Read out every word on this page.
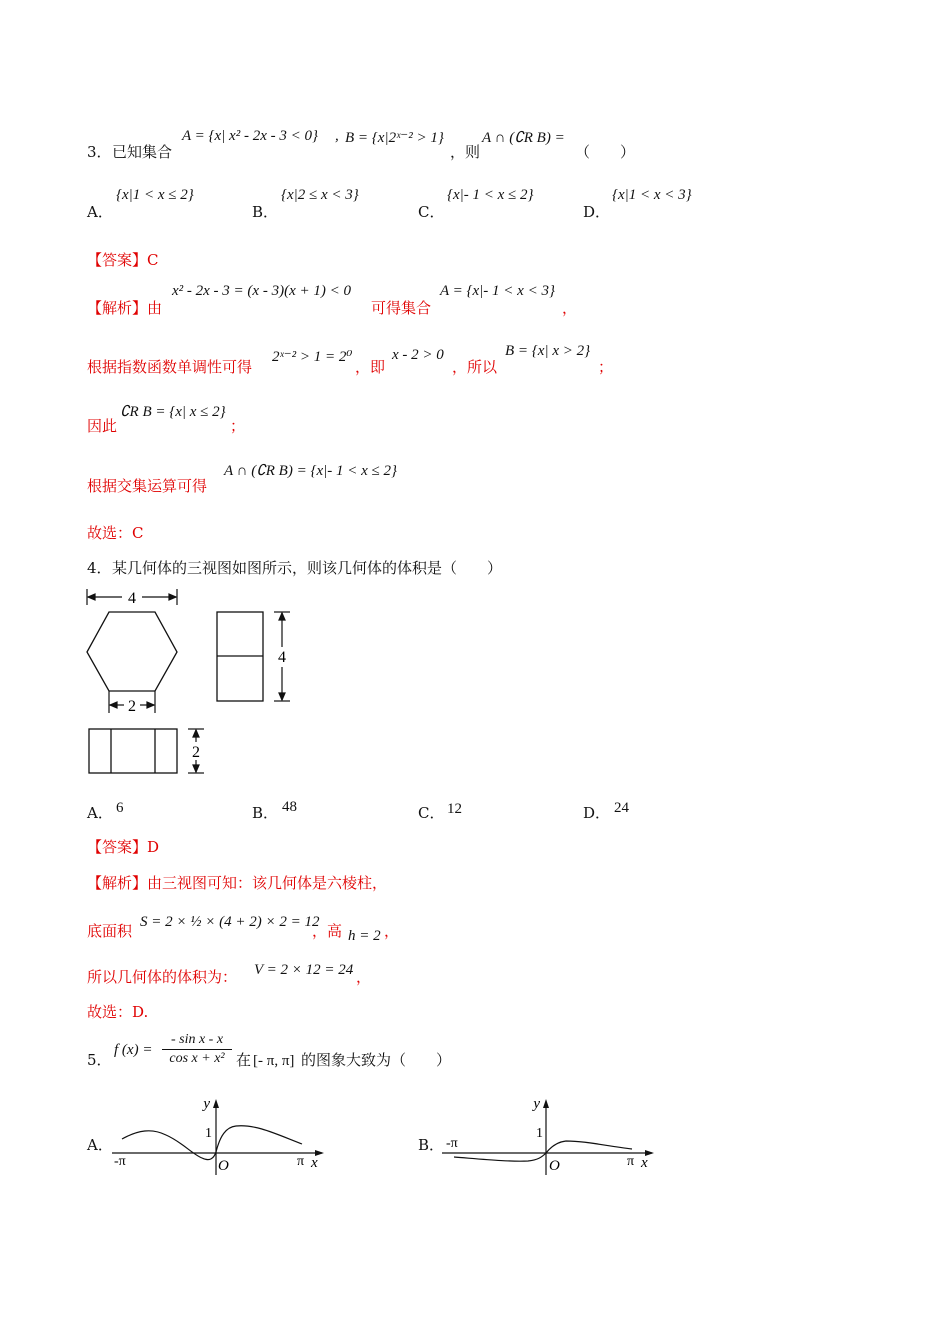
3． 已知集合
A = {x| x² - 2x - 3 < 0} , B = {x|2ˣ⁻² > 1}
，则
A ∩ (∁R B) =
（　　）
A．
{x|1 < x ≤ 2}
B．
{x|2 ≤ x < 3}
C．
{x|- 1 < x ≤ 2}
D．
{x|1 < x < 3}
【答案】C
【解析】由
x² - 2x - 3 = (x - 3)(x + 1) < 0
可得集合
A = {x|- 1 < x < 3}
，
根据指数函数单调性可得
2ˣ⁻² > 1 = 2⁰
，即
x - 2 > 0
，所以
B = {x| x > 2}
；
因此
∁R B = {x| x ≤ 2}
；
根据交集运算可得
A ∩ (∁R B) = {x|- 1 < x ≤ 2}
故选：C
4． 某几何体的三视图如图所示，则该几何体的体积是（　　）
4
2
4
2
A． 6	B． 48	C． 12	D． 24
【答案】D
【解析】由三视图可知：该几何体是六棱柱，
底面积 S = 2 × ½ × (4 + 2) × 2 = 12
，高 h = 2 ，
所以几何体的体积为： V = 2 × 12 = 24 ，
故选：D.
5．
f $(x) = \frac{\text{- sin x - x}}{\text{cos x + x²}}$ 在 [- π, π] 的图象大致为（　　）
A．
y
x
1
O
-π	π
B．
y
x
1
O
-π
π
